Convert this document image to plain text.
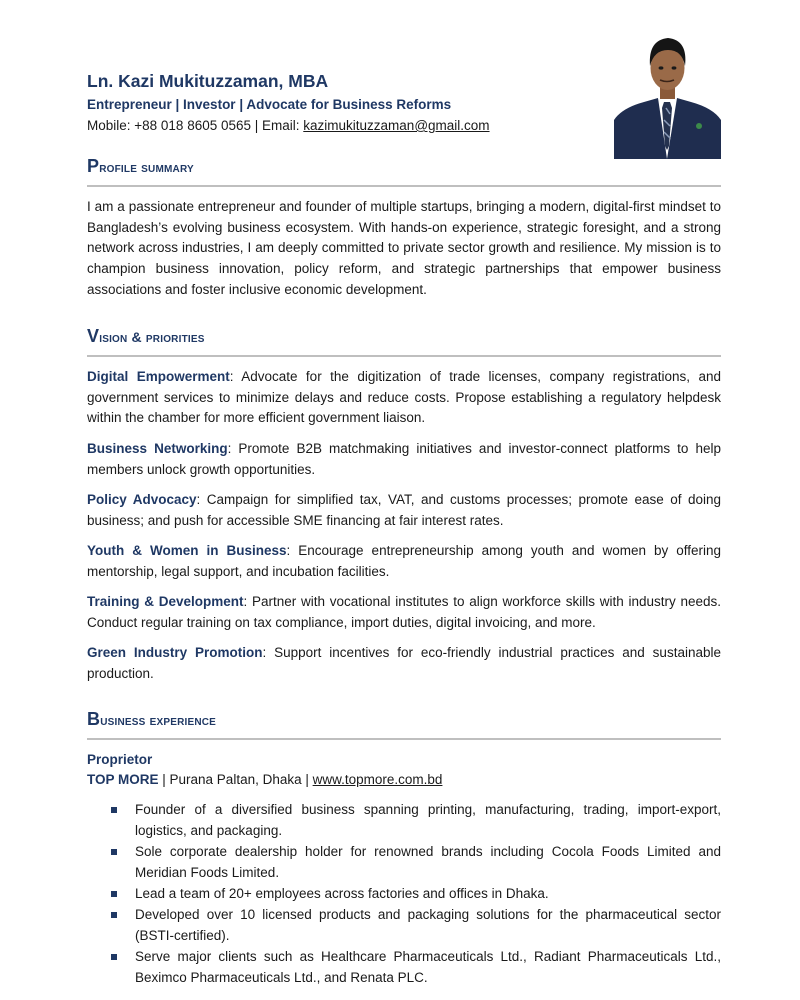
Ln. Kazi Mukituzzaman, MBA
Entrepreneur | Investor | Advocate for Business Reforms
Mobile: +88 018 8605 0565 | Email: kazimukituzzaman@gmail.com
Profile summary
I am a passionate entrepreneur and founder of multiple startups, bringing a modern, digital-first mindset to Bangladesh’s evolving business ecosystem. With hands-on experience, strategic foresight, and a strong network across industries, I am deeply committed to private sector growth and resilience. My mission is to champion business innovation, policy reform, and strategic partnerships that empower business associations and foster inclusive economic development.
Vision & priorities
Digital Empowerment: Advocate for the digitization of trade licenses, company registrations, and government services to minimize delays and reduce costs. Propose establishing a regulatory helpdesk within the chamber for more efficient government liaison.
Business Networking: Promote B2B matchmaking initiatives and investor-connect platforms to help members unlock growth opportunities.
Policy Advocacy: Campaign for simplified tax, VAT, and customs processes; promote ease of doing business; and push for accessible SME financing at fair interest rates.
Youth & Women in Business: Encourage entrepreneurship among youth and women by offering mentorship, legal support, and incubation facilities.
Training & Development: Partner with vocational institutes to align workforce skills with industry needs. Conduct regular training on tax compliance, import duties, digital invoicing, and more.
Green Industry Promotion: Support incentives for eco-friendly industrial practices and sustainable production.
Business experience
Proprietor
TOP MORE | Purana Paltan, Dhaka | www.topmore.com.bd
Founder of a diversified business spanning printing, manufacturing, trading, import-export, logistics, and packaging.
Sole corporate dealership holder for renowned brands including Cocola Foods Limited and Meridian Foods Limited.
Lead a team of 20+ employees across factories and offices in Dhaka.
Developed over 10 licensed products and packaging solutions for the pharmaceutical sector (BSTI-certified).
Serve major clients such as Healthcare Pharmaceuticals Ltd., Radiant Pharmaceuticals Ltd., Beximco Pharmaceuticals Ltd., and Renata PLC.
